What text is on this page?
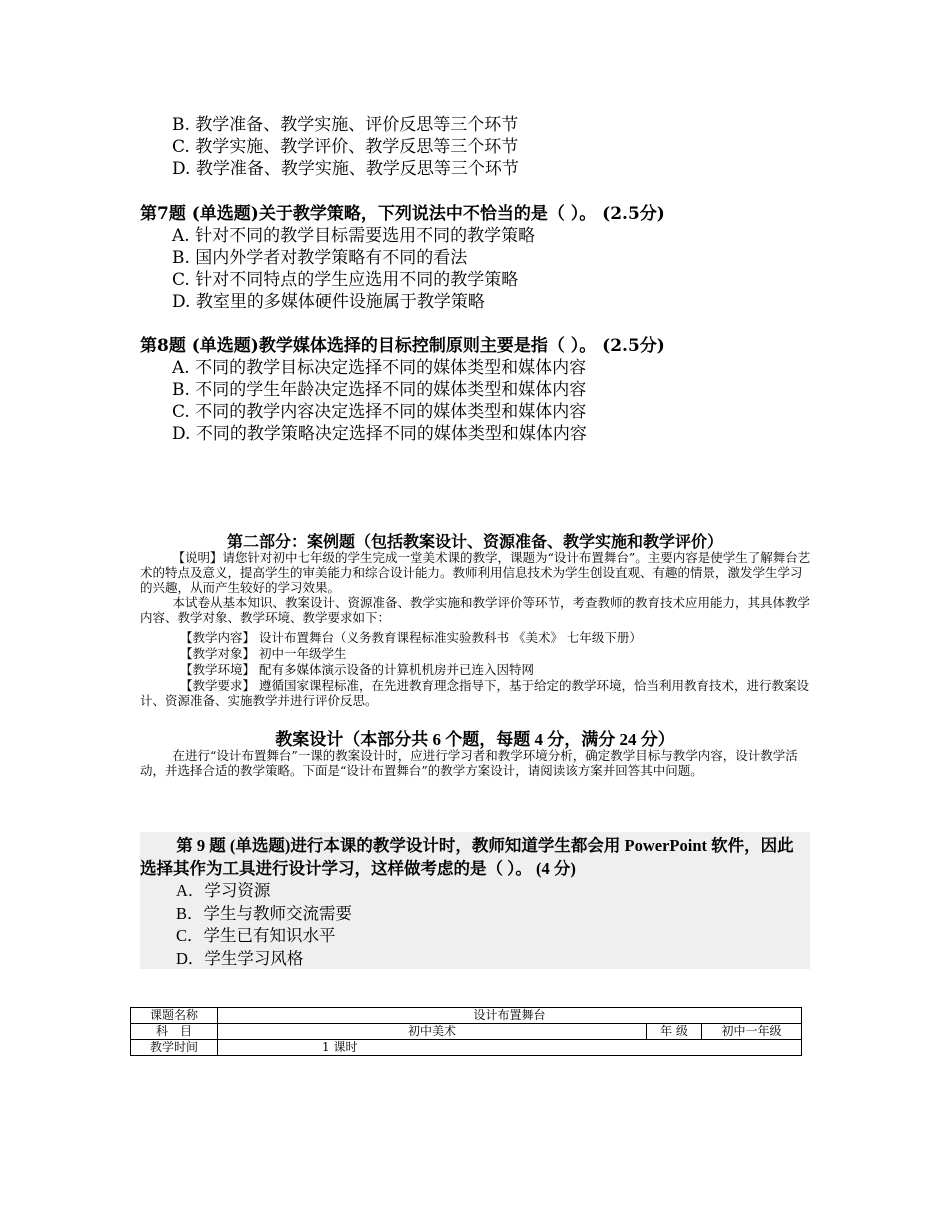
B. 教学准备、教学实施、评价反思等三个环节
C. 教学实施、教学评价、教学反思等三个环节
D. 教学准备、教学实施、教学反思等三个环节
第7题 (单选题)关于教学策略，下列说法中不恰当的是（ ）。 (2.5分)
A. 针对不同的教学目标需要选用不同的教学策略
B. 国内外学者对教学策略有不同的看法
C. 针对不同特点的学生应选用不同的教学策略
D. 教室里的多媒体硬件设施属于教学策略
第8题 (单选题)教学媒体选择的目标控制原则主要是指（ ）。 (2.5分)
A. 不同的教学目标决定选择不同的媒体类型和媒体内容
B. 不同的学生年龄决定选择不同的媒体类型和媒体内容
C. 不同的教学内容决定选择不同的媒体类型和媒体内容
D. 不同的教学策略决定选择不同的媒体类型和媒体内容
第二部分：案例题（包括教案设计、资源准备、教学实施和教学评价）

【说明】请您针对初中七年级的学生完成一堂美术课的教学，课题为“设计布置舞台”。主要内容是使学生了解舞台艺术的特点及意义，提高学生的审美能力和综合设计能力。教师利用信息技术为学生创设直观、有趣的情景，激发学生学习的兴趣，从而产生较好的学习效果。

本试卷从基本知识、教案设计、资源准备、教学实施和教学评价等环节，考查教师的教育技术应用能力，其具体教学内容、教学对象、教学环境、教学要求如下：

【教学内容】 设计布置舞台（义务教育课程标准实验教科书 《美术》 七年级下册）
【教学对象】 初中一年级学生
【教学环境】 配有多媒体演示设备的计算机机房并已连入因特网

【教学要求】 遵循国家课程标准，在先进教育理念指导下，基于给定的教学环境，恰当利用教育技术，进行教案设计、资源准备、实施教学并进行评价反思。

教案设计（本部分共 6 个题，每题 4 分，满分 24 分）

在进行“设计布置舞台”一课的教案设计时，应进行学习者和教学环境分析，确定教学目标与教学内容，设计教学活动，并选择合适的教学策略。下面是“设计布置舞台”的教学方案设计，请阅读该方案并回答其中问题。

第 9 题 (单选题)进行本课的教学设计时，教师知道学生都会用 PowerPoint 软件，因此选择其作为工具进行设计学习，这样做考虑的是（ ）。 (4 分)
A．学习资源
B．学生与教师交流需要
C．学生已有知识水平
D．学生学习风格
课题名称	设计布置舞台		
科　目	初中美术	年 级	初中一年级
教学时间	1 课时		
